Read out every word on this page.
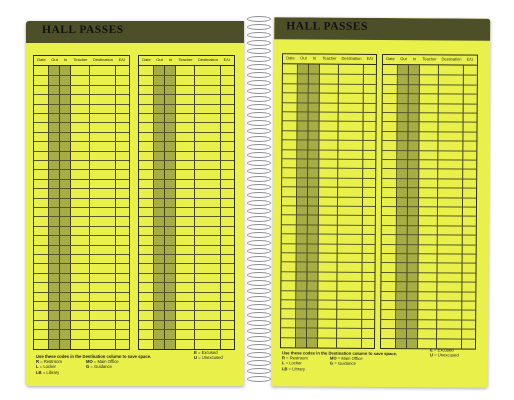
HALL PASSES
Date	Out	In	Teacher	Destination	E/U	Date	Out	In	Teacher	Destination	E/U
Use these codes in the Destination column to save space.
R = Restroom
L = Locker
LB = Library
MO = Main Office
G = Guidance
E = Excused
U = Unexcused
HALL PASSES
Date	Out	In	Teacher	Destination	E/U	Date	Out	In	Teacher	Destination	E/U
Use these codes in the Destination column to save space.
R = Restroom
L = Locker
LB = Library
MO = Main Office
G = Guidance
E = Excused
U = Unexcused
